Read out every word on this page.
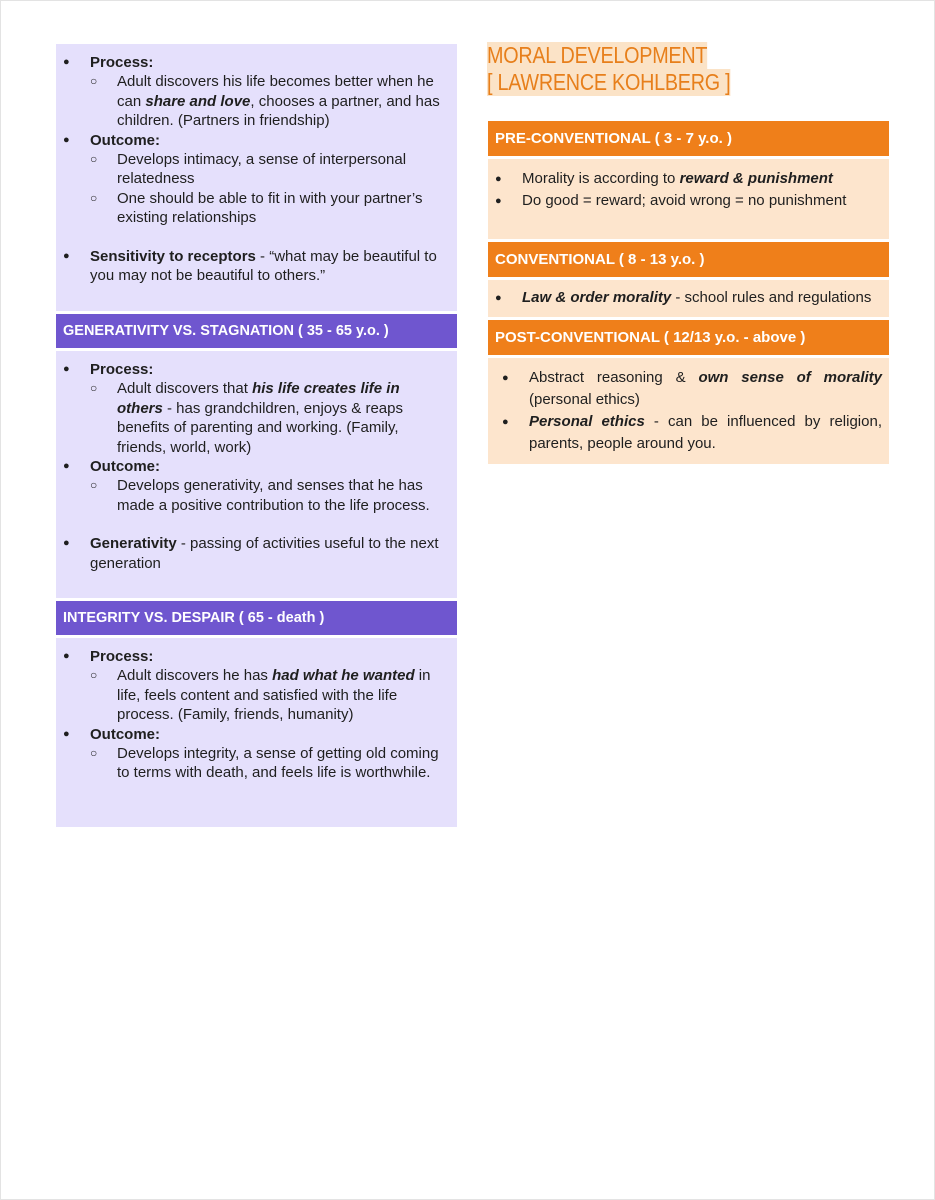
● Process:
○ Adult discovers his life becomes better when he can share and love, chooses a partner, and has children. (Partners in friendship)
● Outcome:
○ Develops intimacy, a sense of interpersonal relatedness
○ One should be able to fit in with your partner’s existing relationships
● Sensitivity to receptors - “what may be beautiful to you may not be beautiful to others.”
GENERATIVITY VS. STAGNATION ( 35 - 65 y.o. )
● Process:
○ Adult discovers that his life creates life in others - has grandchildren, enjoys & reaps benefits of parenting and working. (Family, friends, world, work)
● Outcome:
○ Develops generativity, and senses that he has made a positive contribution to the life process.
● Generativity - passing of activities useful to the next generation
INTEGRITY VS. DESPAIR ( 65 - death )
● Process:
○ Adult discovers he has had what he wanted in life, feels content and satisfied with the life process. (Family, friends, humanity)
● Outcome:
○ Develops integrity, a sense of getting old coming to terms with death, and feels life is worthwhile.
MORAL DEVELOPMENT
[ LAWRENCE KOHLBERG ]
PRE-CONVENTIONAL ( 3 - 7 y.o. )
● Morality is according to reward & punishment
● Do good = reward; avoid wrong = no punishment
CONVENTIONAL ( 8 - 13 y.o. )
● Law & order morality - school rules and regulations
POST-CONVENTIONAL ( 12/13 y.o. - above )
● Abstract reasoning & own sense of morality (personal ethics)
● Personal ethics - can be influenced by religion, parents, people around you.
